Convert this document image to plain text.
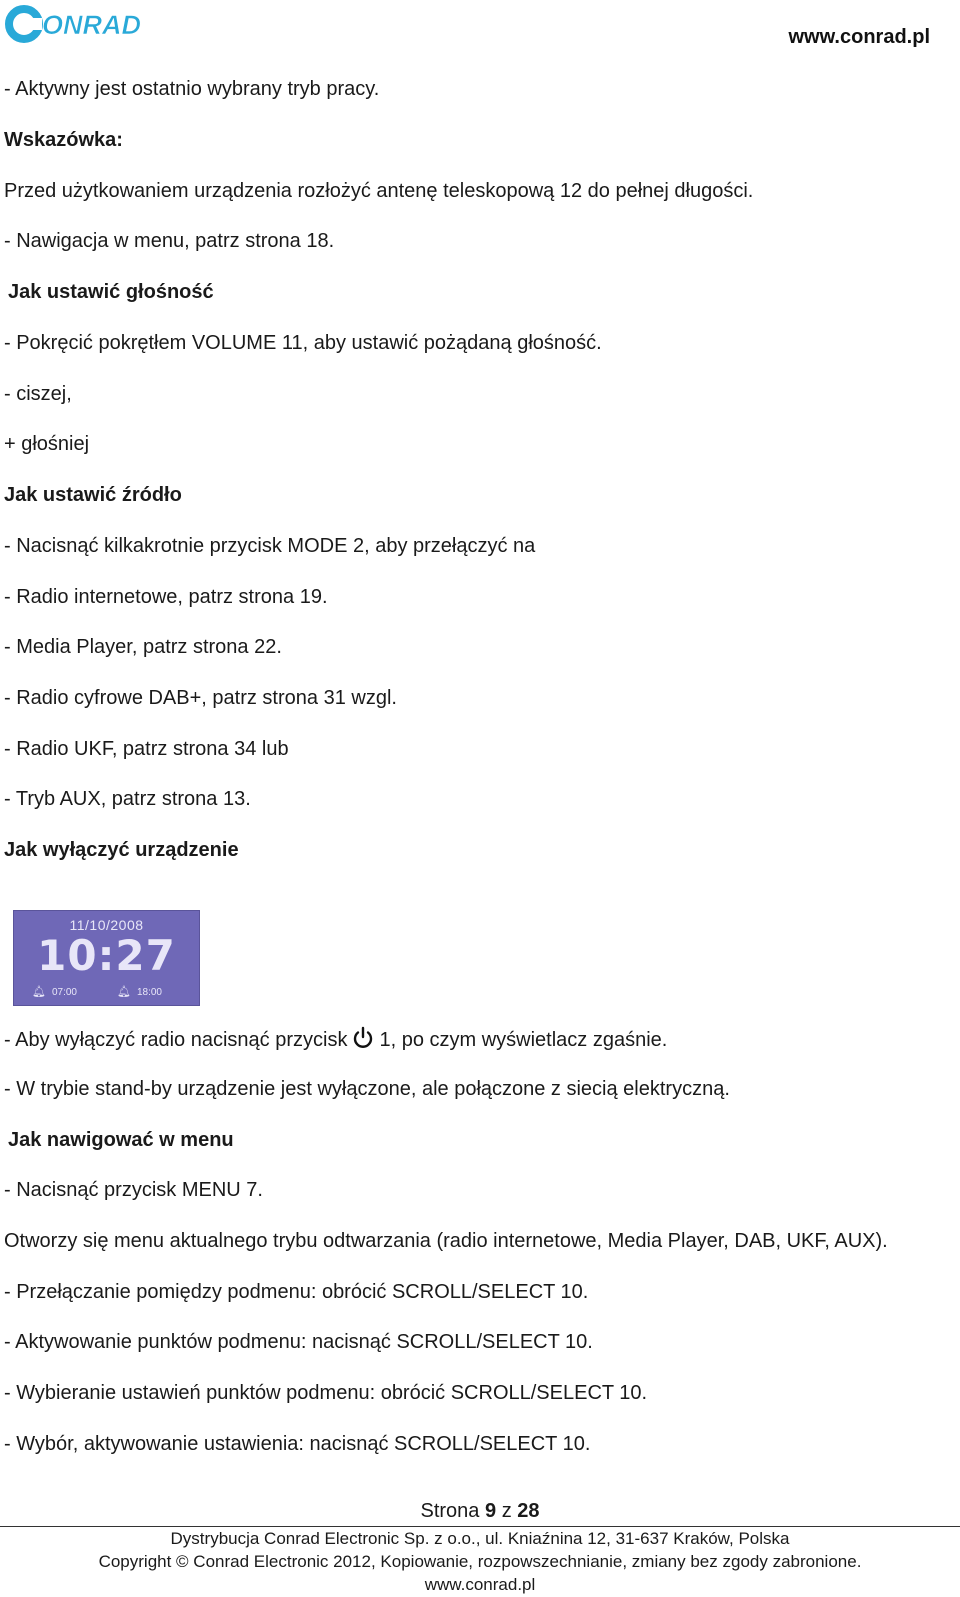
ONRAD	www.conrad.pl
- Aktywny jest ostatnio wybrany tryb pracy.
Wskazówka:
Przed użytkowaniem urządzenia rozłożyć antenę teleskopową 12 do pełnej długości.
- Nawigacja w menu, patrz strona 18.
Jak ustawić głośność
- Pokręcić pokrętłem VOLUME 11, aby ustawić pożądaną głośność.
- ciszej,
+ głośniej
Jak ustawić źródło
- Nacisnąć kilkakrotnie przycisk MODE 2, aby przełączyć na
- Radio internetowe, patrz strona 19.
- Media Player, patrz strona 22.
- Radio cyfrowe DAB+, patrz strona 31 wzgl.
- Radio UKF, patrz strona 34 lub
- Tryb AUX, patrz strona 13.
Jak wyłączyć urządzenie
11/10/2008
10:27
🔔︎ 07:00	🔔︎ 18:00
- Aby wyłączyć radio nacisnąć przycisk 1, po czym wyświetlacz zgaśnie.
- W trybie stand-by urządzenie jest wyłączone, ale połączone z siecią elektryczną.
Jak nawigować w menu
- Nacisnąć przycisk MENU 7.
Otworzy się menu aktualnego trybu odtwarzania (radio internetowe, Media Player, DAB, UKF, AUX).
- Przełączanie pomiędzy podmenu: obrócić SCROLL/SELECT 10.
- Aktywowanie punktów podmenu: nacisnąć SCROLL/SELECT 10.
- Wybieranie ustawień punktów podmenu: obrócić SCROLL/SELECT 10.
- Wybór, aktywowanie ustawienia: nacisnąć SCROLL/SELECT 10.
Strona 9 z 28
Dystrybucja Conrad Electronic Sp. z o.o., ul. Kniaźnina 12, 31-637 Kraków, Polska
Copyright © Conrad Electronic 2012, Kopiowanie, rozpowszechnianie, zmiany bez zgody zabronione.
www.conrad.pl
